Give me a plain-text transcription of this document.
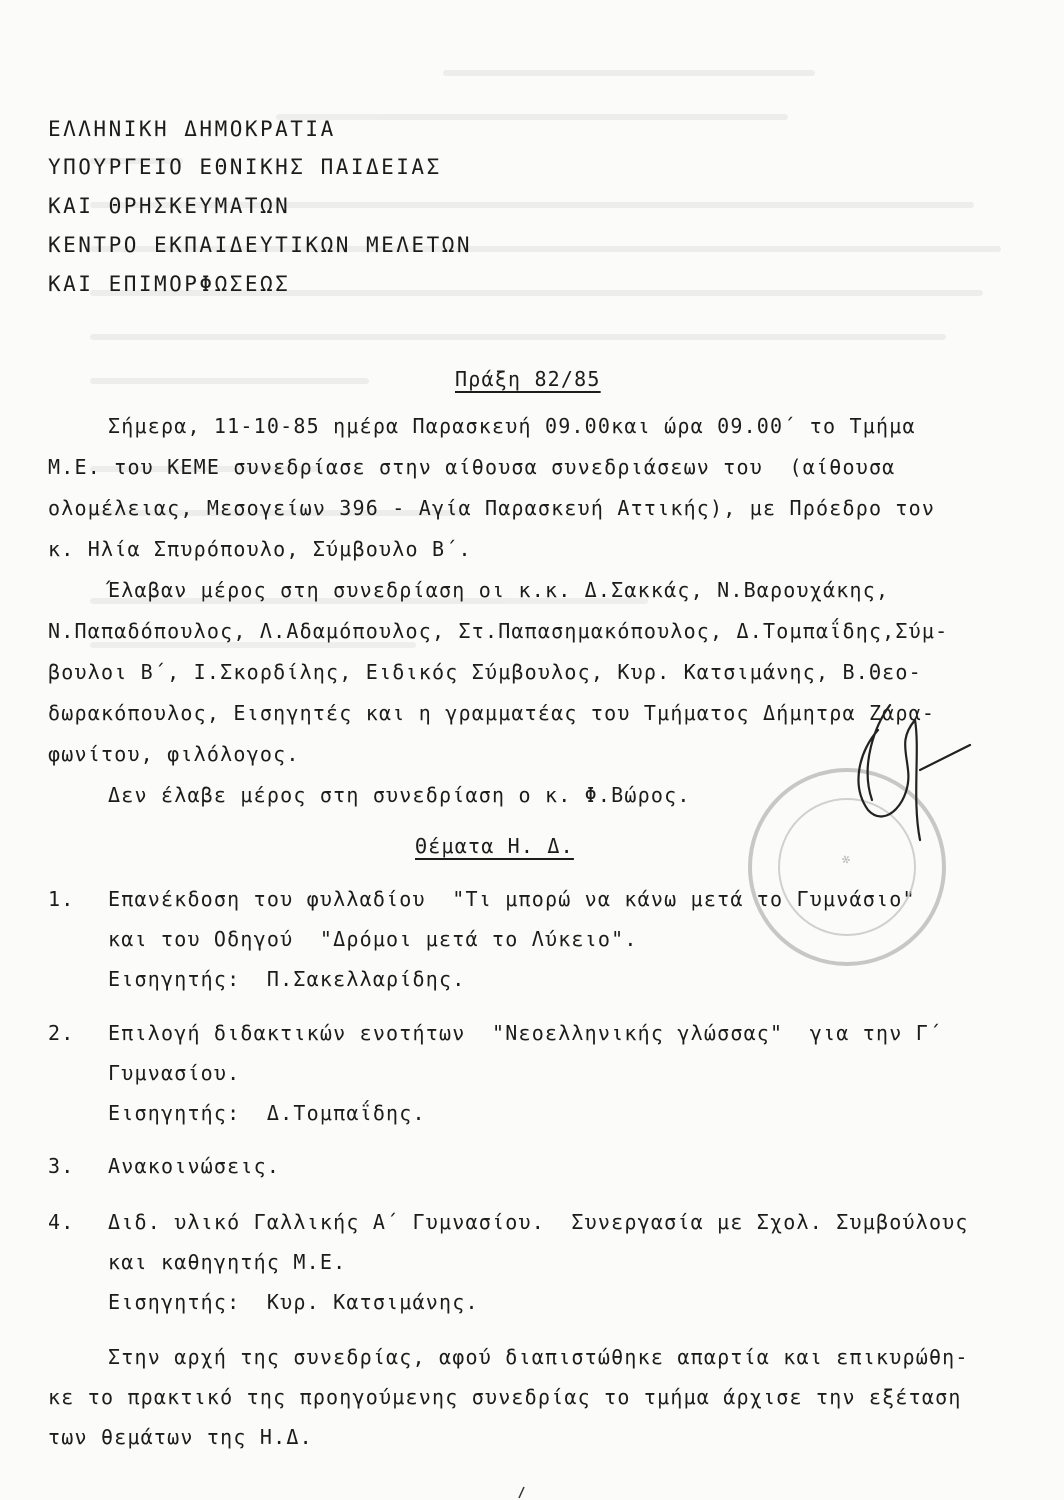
ΕΛΛΗΝΙΚΗ ΔΗΜΟΚΡΑΤΙΑ
ΥΠΟΥΡΓΕΙΟ ΕΘΝΙΚΗΣ ΠΑΙΔΕΙΑΣ
ΚΑΙ ΘΡΗΣΚΕΥΜΑΤΩΝ
ΚΕΝΤΡΟ ΕΚΠΑΙΔΕΥΤΙΚΩΝ ΜΕΛΕΤΩΝ
ΚΑΙ ΕΠΙΜΟΡΦΩΣΕΩΣ
Πράξη 82/85
Σήμερα, 11-10-85 ημέρα Παρασκευή 09.00και ώρα 09.00΄ το Τμήμα
Μ.Ε. του ΚΕΜΕ συνεδρίασε στην αίθουσα συνεδριάσεων του  (αίθουσα
ολομέλειας, Μεσογείων 396 - Αγία Παρασκευή Αττικής), με Πρόεδρο τον
κ. Ηλία Σπυρόπουλο, Σύμβουλο Β΄.
Έλαβαν μέρος στη συνεδρίαση οι κ.κ. Δ.Σακκάς, Ν.Βαρουχάκης,
Ν.Παπαδόπουλος, Λ.Αδαμόπουλος, Στ.Παπασημακόπουλος, Δ.Τομπαΐδης,Σύμ-
βουλοι Β΄, Ι.Σκορδίλης, Ειδικός Σύμβουλος, Κυρ. Κατσιμάνης, Β.Θεο-
δωρακόπουλος, Εισηγητές και η γραμματέας του Τμήματος Δήμητρα Ζαρα-
φωνίτου, φιλόλογος.
Δεν έλαβε μέρος στη συνεδρίαση ο κ. Φ.Βώρος.
Θέματα Η. Δ.
1. Επανέκδοση του φυλλαδίου  "Τι μπορώ να κάνω μετά το Γυμνάσιο"
και του Οδηγού  "Δρόμοι μετά το Λύκειο".
Εισηγητής:  Π.Σακελλαρίδης.
2. Επιλογή διδακτικών ενοτήτων  "Νεοελληνικής γλώσσας"  για την Γ΄
Γυμνασίου.
Εισηγητής:  Δ.Τομπαΐδης.
3. Ανακοινώσεις.
4. Διδ. υλικό Γαλλικής Α΄ Γυμνασίου.  Συνεργασία με Σχολ. Συμβούλους
και καθηγητής Μ.Ε.
Εισηγητής:  Κυρ. Κατσιμάνης.
Στην αρχή της συνεδρίας, αφού διαπιστώθηκε απαρτία και επικυρώθη-
κε το πρακτικό της προηγούμενης συνεδρίας το τμήμα άρχισε την εξέταση
των θεμάτων της Η.Δ.
✻
